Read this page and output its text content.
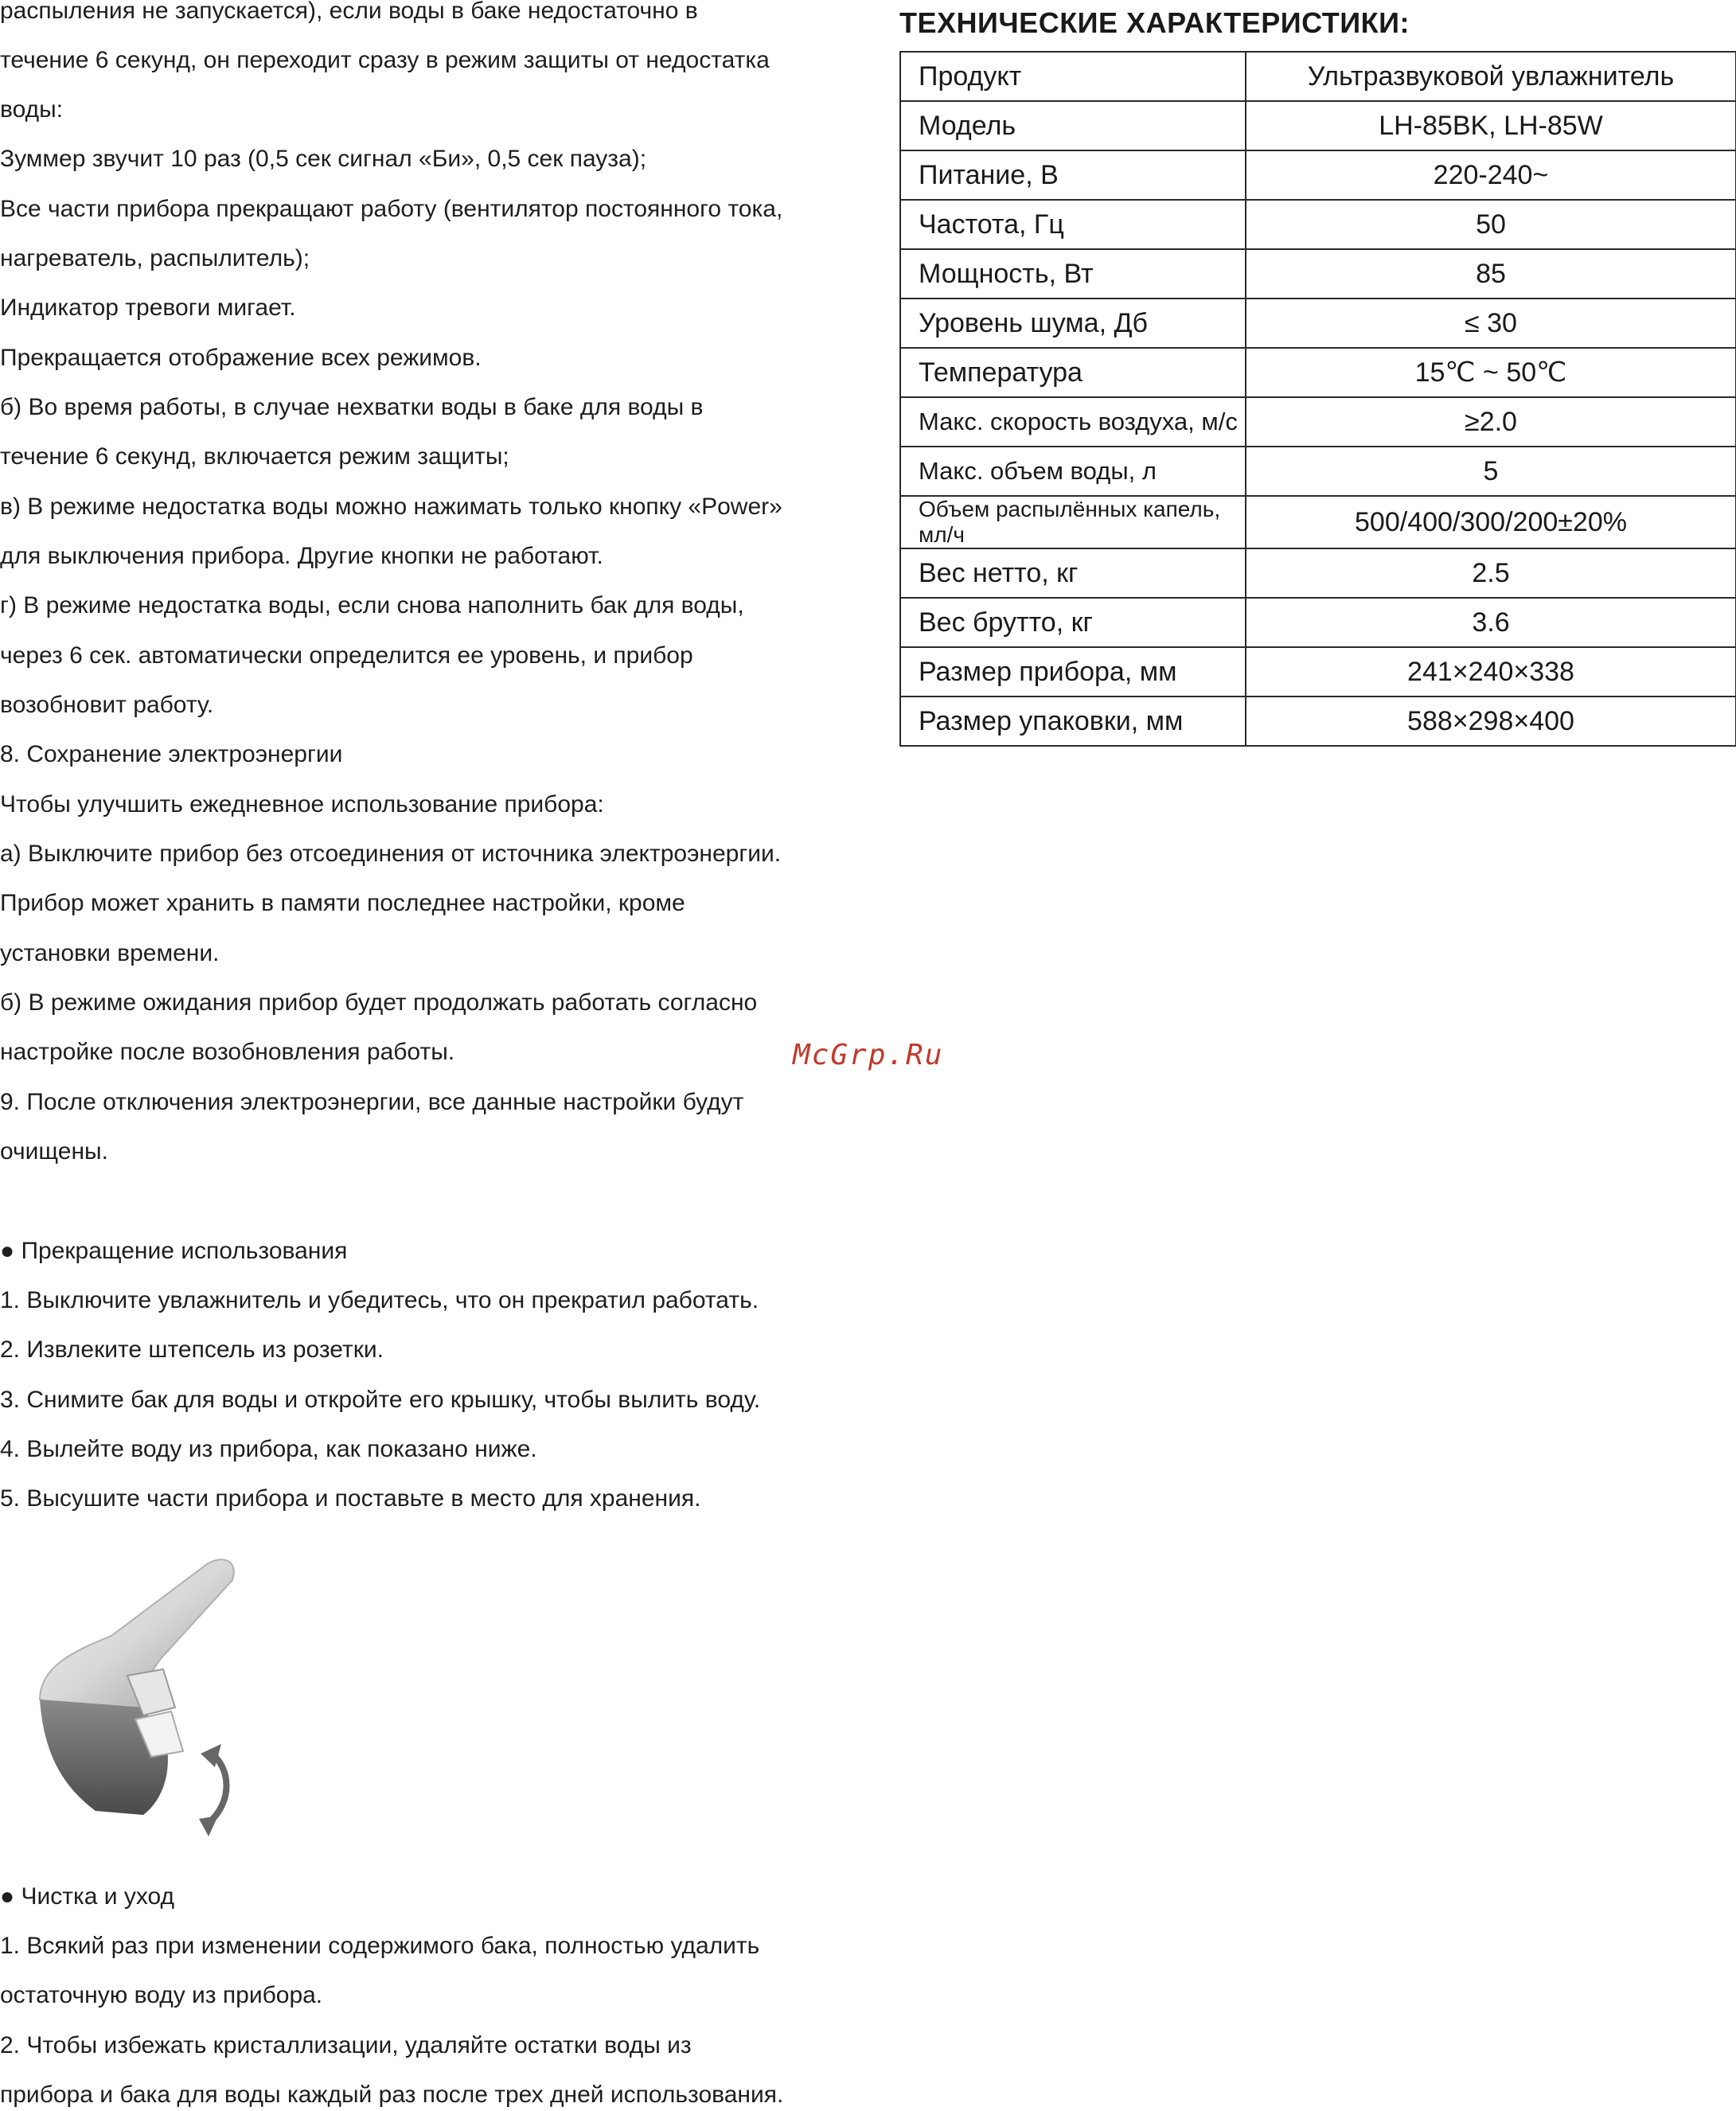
распыления не запускается), если воды в баке недостаточно в
течение 6 секунд, он переходит сразу в режим защиты от недостатка
воды:
Зуммер звучит 10 раз (0,5 сек сигнал «Би», 0,5 сек пауза);
Все части прибора прекращают работу (вентилятор постоянного тока,
нагреватель, распылитель);
Индикатор тревоги мигает.
Прекращается отображение всех режимов.
б) Во время работы, в случае нехватки воды в баке для воды в
течение 6 секунд, включается режим защиты;
в) В режиме недостатка воды можно нажимать только кнопку «Power»
для выключения прибора. Другие кнопки не работают.
г) В режиме недостатка воды, если снова наполнить бак для воды,
через 6 сек. автоматически определится ее уровень, и прибор
возобновит работу.
8. Сохранение электроэнергии
Чтобы улучшить ежедневное использование прибора:
а) Выключите прибор без отсоединения от источника электроэнергии.
Прибор может хранить в памяти последнее настройки, кроме
установки времени.
б) В режиме ожидания прибор будет продолжать работать согласно
настройке после возобновления работы.
9. После отключения электроэнергии, все данные настройки будут
очищены.
● Прекращение использования
1. Выключите увлажнитель и убедитесь, что он прекратил работать.
2. Извлеките штепсель из розетки.
3. Снимите бак для воды и откройте его крышку, чтобы вылить воду.
4. Вылейте воду из прибора, как показано ниже.
5. Высушите части прибора и поставьте в место для хранения.
● Чистка и уход
1. Всякий раз при изменении содержимого бака, полностью удалить
остаточную воду из прибора.
2. Чтобы избежать кристаллизации, удаляйте остатки воды из
прибора и бака для воды каждый раз после трех дней использования.
ТЕХНИЧЕСКИЕ ХАРАКТЕРИСТИКИ:
Продукт	Ультразвуковой увлажнитель
Модель	LH-85BK, LH-85W
Питание, В	220-240~
Частота, Гц	50
Мощность, Вт	85
Уровень шума, Дб	≤ 30
Температура	15℃ ~ 50℃
Макс. скорость воздуха, м/с	≥2.0
Макс. объем воды, л	5
Объем распылённых капель, мл/ч	500/400/300/200±20%
Вес нетто, кг	2.5
Вес брутто, кг	3.6
Размер прибора, мм	241×240×338
Размер упаковки, мм	588×298×400
McGrp.Ru
